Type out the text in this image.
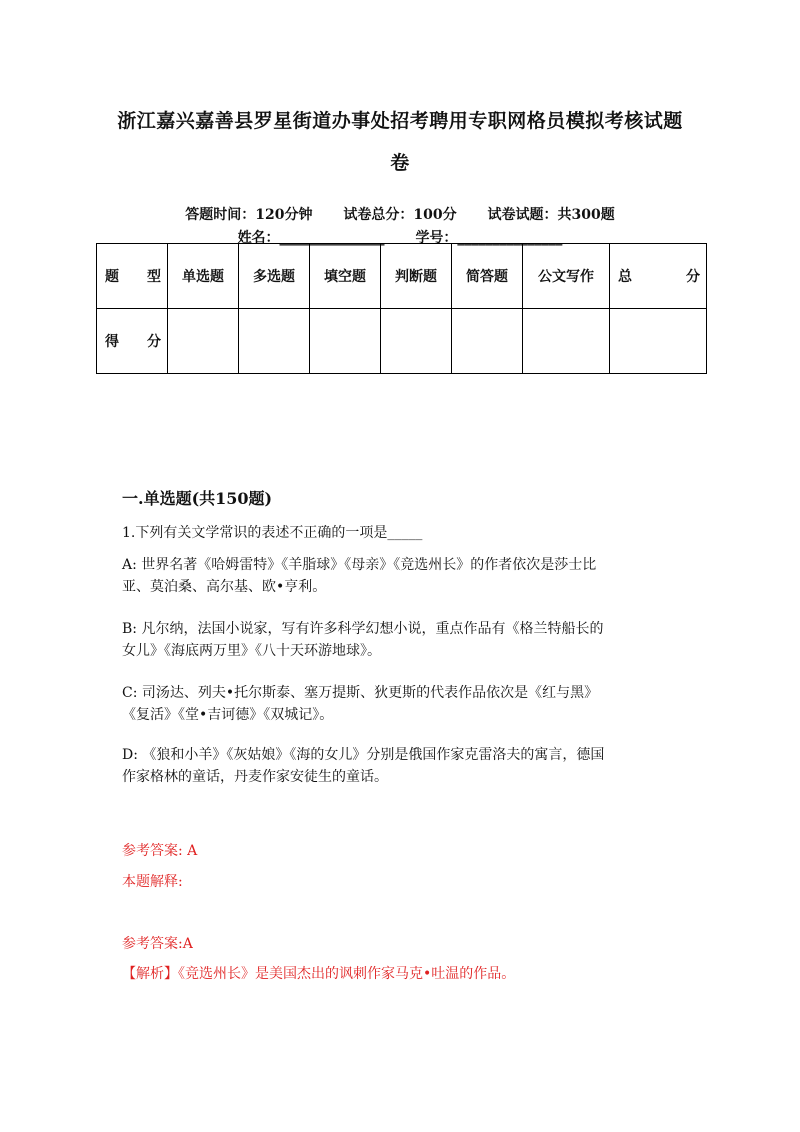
浙江嘉兴嘉善县罗星街道办事处招考聘用专职网格员模拟考核试题
卷
答题时间：120分钟 试卷总分：100分 试卷试题：共300题
姓名：_______________ 学号：_______________
题 型	单选题	多选题	填空题	判断题	简答题	公文写作	总 分

得 分							

一.单选题(共150题)
1.下列有关文学常识的表述不正确的一项是_____
A: 世界名著《哈姆雷特》《羊脂球》《母亲》《竞选州长》的作者依次是莎士比
亚、莫泊桑、高尔基、欧•亨利。
B: 凡尔纳，法国小说家，写有许多科学幻想小说，重点作品有《格兰特船长的
女儿》《海底两万里》《八十天环游地球》。
C: 司汤达、列夫•托尔斯泰、塞万提斯、狄更斯的代表作品依次是《红与黑》
《复活》《堂•吉诃德》《双城记》。
D: 《狼和小羊》《灰姑娘》《海的女儿》分别是俄国作家克雷洛夫的寓言，德国
作家格林的童话，丹麦作家安徒生的童话。
参考答案: A
本题解释:
参考答案:A
【解析】《竞选州长》是美国杰出的讽刺作家马克•吐温的作品。
